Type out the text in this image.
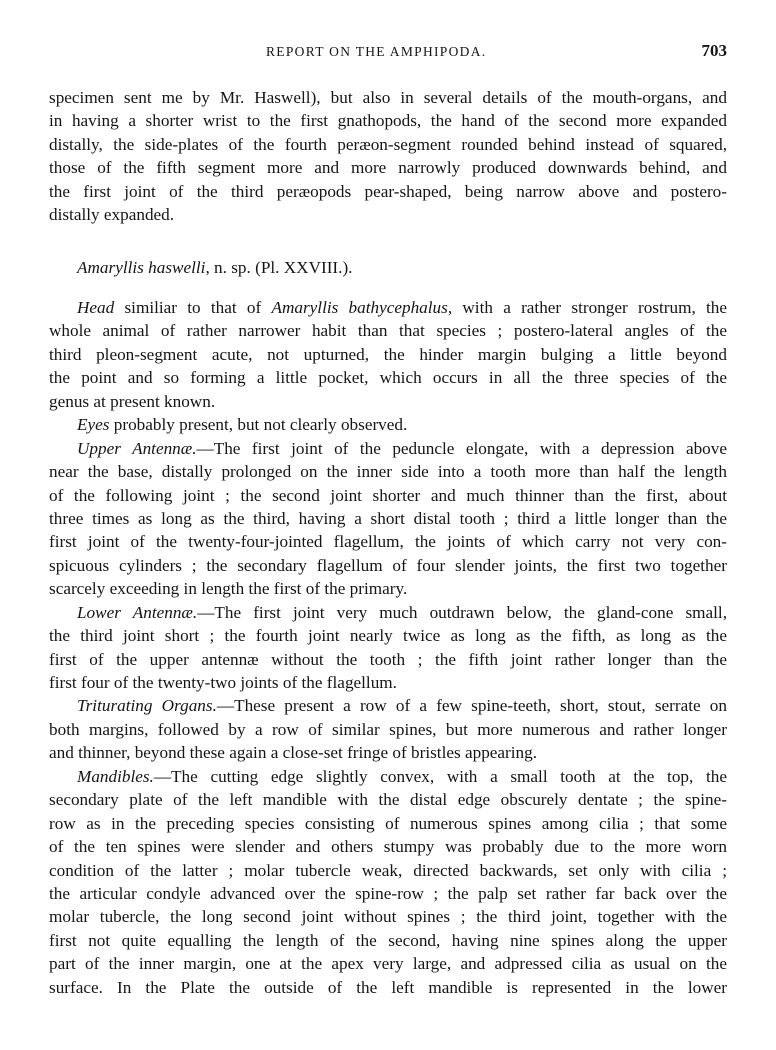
REPORT ON THE AMPHIPODA.	703
specimen sent me by Mr. Haswell), but also in several details of the mouth-organs, and
in having a shorter wrist to the first gnathopods, the hand of the second more expanded
distally, the side-plates of the fourth peræon-segment rounded behind instead of squared,
those of the fifth segment more and more narrowly produced downwards behind, and
the first joint of the third peræopods pear-shaped, being narrow above and postero-
distally expanded.
Amaryllis haswelli, n. sp. (Pl. XXVIII.).
Head similiar to that of Amaryllis bathycephalus, with a rather stronger rostrum, the
whole animal of rather narrower habit than that species ; postero-lateral angles of the
third pleon-segment acute, not upturned, the hinder margin bulging a little beyond
the point and so forming a little pocket, which occurs in all the three species of the
genus at present known.
Eyes probably present, but not clearly observed.
Upper Antennæ.—The first joint of the peduncle elongate, with a depression above
near the base, distally prolonged on the inner side into a tooth more than half the length
of the following joint ; the second joint shorter and much thinner than the first, about
three times as long as the third, having a short distal tooth ; third a little longer than the
first joint of the twenty-four-jointed flagellum, the joints of which carry not very con-
spicuous cylinders ; the secondary flagellum of four slender joints, the first two together
scarcely exceeding in length the first of the primary.
Lower Antennæ.—The first joint very much outdrawn below, the gland-cone small,
the third joint short ; the fourth joint nearly twice as long as the fifth, as long as the
first of the upper antennæ without the tooth ; the fifth joint rather longer than the
first four of the twenty-two joints of the flagellum.
Triturating Organs.—These present a row of a few spine-teeth, short, stout, serrate on
both margins, followed by a row of similar spines, but more numerous and rather longer
and thinner, beyond these again a close-set fringe of bristles appearing.
Mandibles.—The cutting edge slightly convex, with a small tooth at the top, the
secondary plate of the left mandible with the distal edge obscurely dentate ; the spine-
row as in the preceding species consisting of numerous spines among cilia ; that some
of the ten spines were slender and others stumpy was probably due to the more worn
condition of the latter ; molar tubercle weak, directed backwards, set only with cilia ;
the articular condyle advanced over the spine-row ; the palp set rather far back over the
molar tubercle, the long second joint without spines ; the third joint, together with the
first not quite equalling the length of the second, having nine spines along the upper
part of the inner margin, one at the apex very large, and adpressed cilia as usual on the
surface. In the Plate the outside of the left mandible is represented in the lower
